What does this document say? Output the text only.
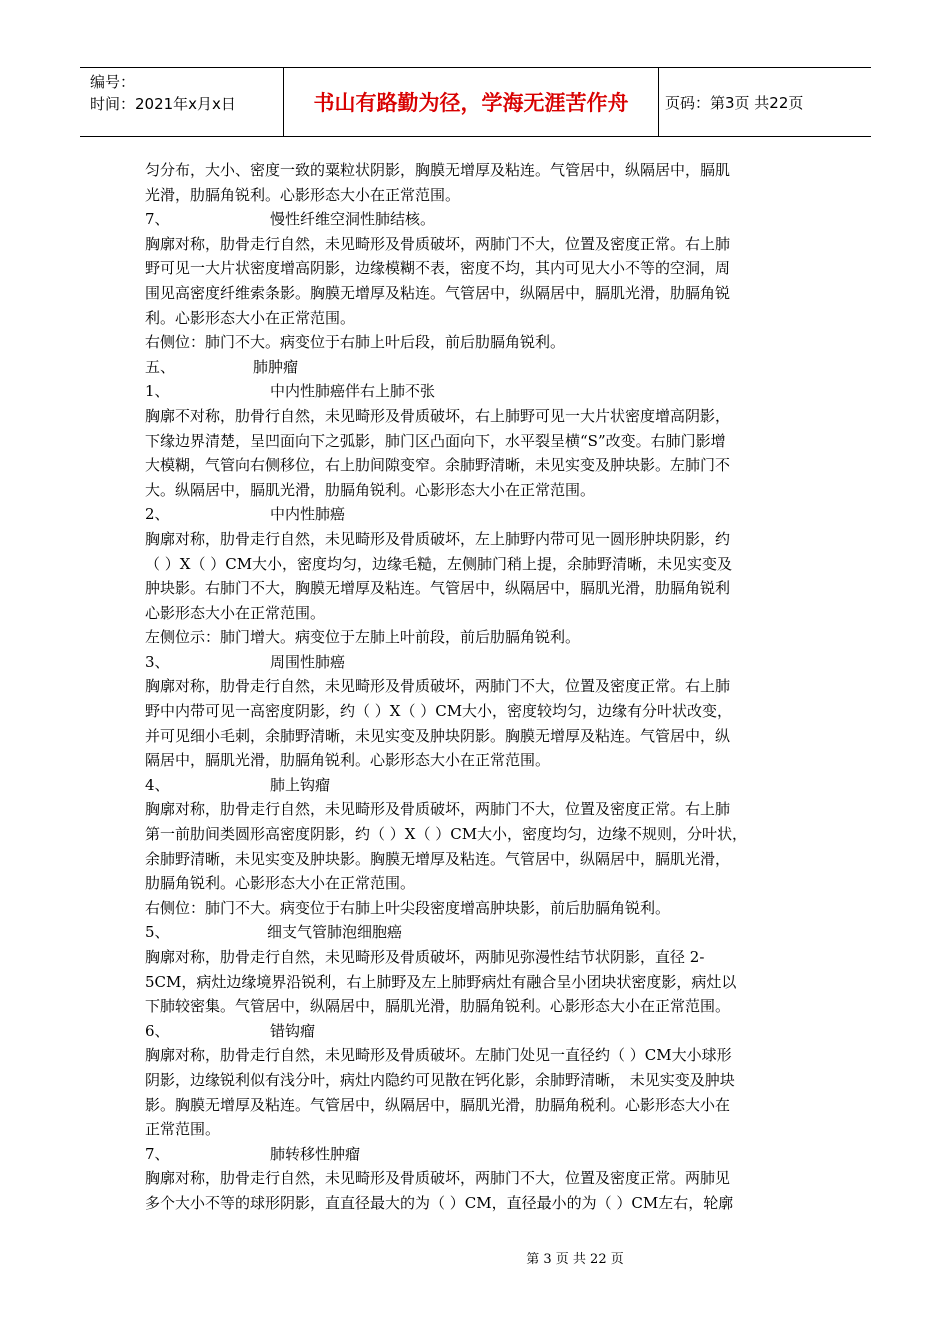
编号：
时间：2021年x月x日	书山有路勤为径，学海无涯苦作舟	页码：第3页 共22页

匀分布，大小、密度一致的粟粒状阴影，胸膜无增厚及粘连。气管居中，纵隔居中，膈肌

光滑，肋膈角锐利。心影形态大小在正常范围。

7、	慢性纤维空洞性肺结核。

胸廓对称，肋骨走行自然，未见畸形及骨质破坏，两肺门不大，位置及密度正常。右上肺

野可见一大片状密度增高阴影，边缘模糊不表，密度不均，其内可见大小不等的空洞，周

围见高密度纤维索条影。胸膜无增厚及粘连。气管居中，纵隔居中，膈肌光滑，肋膈角锐

利。心影形态大小在正常范围。

右侧位：肺门不大。病变位于右肺上叶后段，前后肋膈角锐利。

五、	肺肿瘤

1、	中内性肺癌伴右上肺不张

胸廓不对称，肋骨行自然，未见畸形及骨质破坏，右上肺野可见一大片状密度增高阴影，

下缘边界清楚，呈凹面向下之弧影，肺门区凸面向下，水平裂呈横“S”改变。右肺门影增

大模糊，气管向右侧移位，右上肋间隙变窄。余肺野清晰，未见实变及肿块影。左肺门不

大。纵隔居中，膈肌光滑，肋膈角锐利。心影形态大小在正常范围。

2、	中内性肺癌

胸廓对称，肋骨走行自然，未见畸形及骨质破坏，左上肺野内带可见一圆形肿块阴影，约

（ ）X（ ）CM大小，密度均匀，边缘毛糙，左侧肺门稍上提，余肺野清晰，未见实变及

肿块影。右肺门不大，胸膜无增厚及粘连。气管居中，纵隔居中，膈肌光滑，肋膈角锐利

心影形态大小在正常范围。

左侧位示：肺门增大。病变位于左肺上叶前段，前后肋膈角锐利。

3、	周围性肺癌

胸廓对称，肋骨走行自然，未见畸形及骨质破坏，两肺门不大，位置及密度正常。右上肺

野中内带可见一高密度阴影，约（ ）X（ ）CM大小，密度较均匀，边缘有分叶状改变，

并可见细小毛刺，余肺野清晰，未见实变及肿块阴影。胸膜无增厚及粘连。气管居中，纵

隔居中，膈肌光滑，肋膈角锐利。心影形态大小在正常范围。

4、	肺上钩瘤

胸廓对称，肋骨走行自然，未见畸形及骨质破坏，两肺门不大，位置及密度正常。右上肺

第一前肋间类圆形高密度阴影，约（ ）X（ ）CM大小，密度均匀，边缘不规则，分叶状，

余肺野清晰，未见实变及肿块影。胸膜无增厚及粘连。气管居中，纵隔居中，膈肌光滑，

肋膈角锐利。心影形态大小在正常范围。

右侧位：肺门不大。病变位于右肺上叶尖段密度增高肿块影，前后肋膈角锐利。

5、	细支气管肺泡细胞癌

胸廓对称，肋骨走行自然，未见畸形及骨质破坏，两肺见弥漫性结节状阴影，直径 2-

5CM，病灶边缘境界沿锐利，右上肺野及左上肺野病灶有融合呈小团块状密度影，病灶以

下肺较密集。气管居中，纵隔居中，膈肌光滑，肋膈角锐利。心影形态大小在正常范围。

6、	错钩瘤

胸廓对称，肋骨走行自然，未见畸形及骨质破坏。左肺门处见一直径约（ ）CM大小球形

阴影，边缘锐利似有浅分叶，病灶内隐约可见散在钙化影，余肺野清晰， 未见实变及肿块

影。胸膜无增厚及粘连。气管居中，纵隔居中，膈肌光滑，肋膈角税利。心影形态大小在

正常范围。

7、	肺转移性肿瘤

胸廓对称，肋骨走行自然，未见畸形及骨质破坏，两肺门不大，位置及密度正常。两肺见

多个大小不等的球形阴影，直直径最大的为（ ）CM，直径最小的为（ ）CM左右，轮廓

第 3 页 共 22 页
